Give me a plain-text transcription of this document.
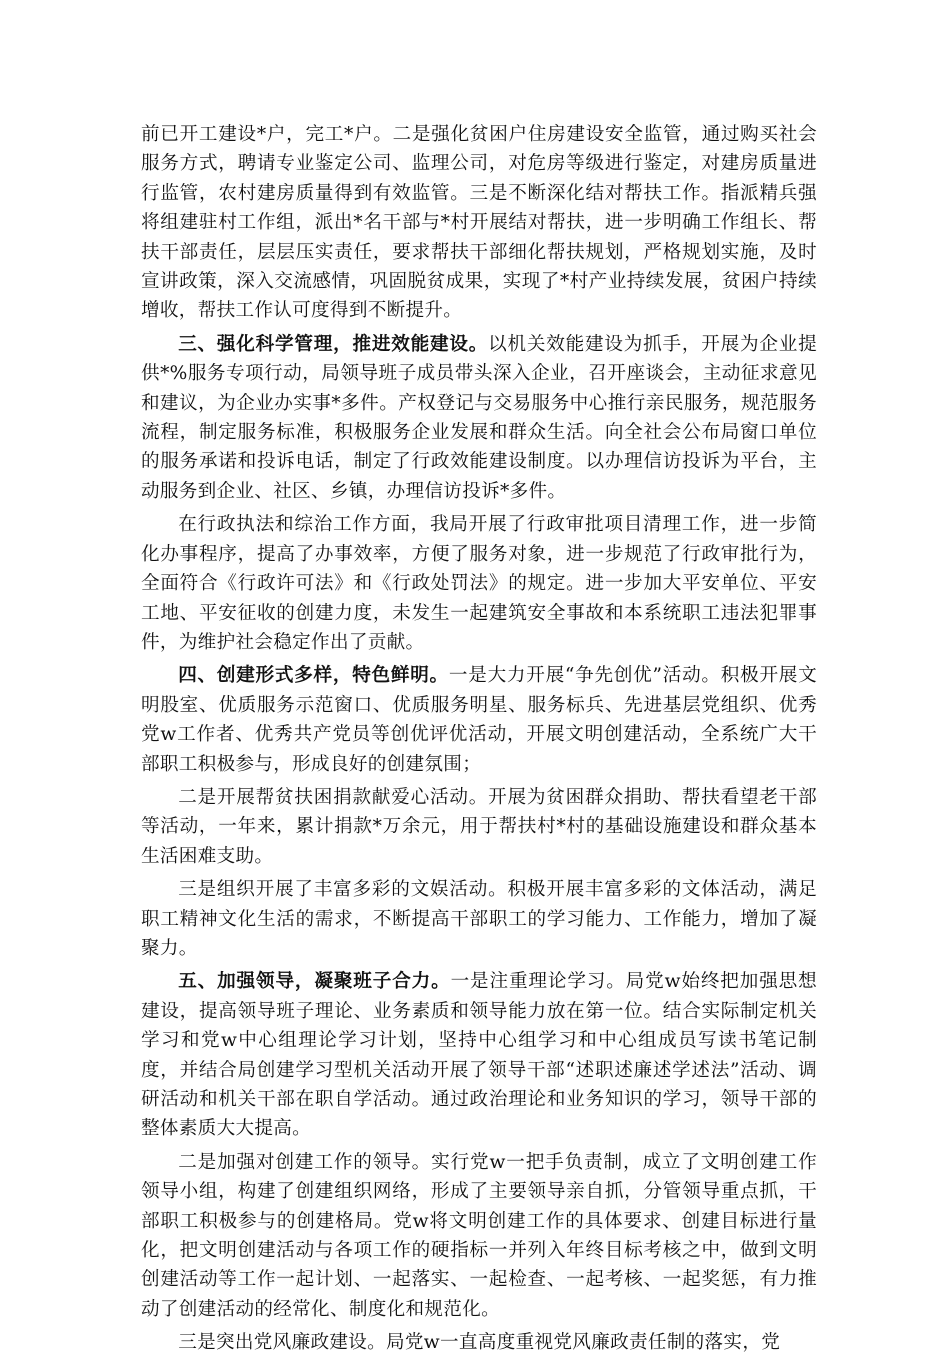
前已开工建设*户，完工*户。二是强化贫困户住房建设安全监管，通过购买社会服务方式，聘请专业鉴定公司、监理公司，对危房等级进行鉴定，对建房质量进行监管，农村建房质量得到有效监管。三是不断深化结对帮扶工作。指派精兵强将组建驻村工作组，派出*名干部与*村开展结对帮扶，进一步明确工作组长、帮扶干部责任，层层压实责任，要求帮扶干部细化帮扶规划，严格规划实施，及时宣讲政策，深入交流感情，巩固脱贫成果，实现了*村产业持续发展，贫困户持续增收，帮扶工作认可度得到不断提升。

三、强化科学管理，推进效能建设。以机关效能建设为抓手，开展为企业提供*%服务专项行动，局领导班子成员带头深入企业，召开座谈会，主动征求意见和建议，为企业办实事*多件。产权登记与交易服务中心推行亲民服务，规范服务流程，制定服务标准，积极服务企业发展和群众生活。向全社会公布局窗口单位的服务承诺和投诉电话，制定了行政效能建设制度。以办理信访投诉为平台，主动服务到企业、社区、乡镇，办理信访投诉*多件。

在行政执法和综治工作方面，我局开展了行政审批项目清理工作，进一步简化办事程序，提高了办事效率，方便了服务对象，进一步规范了行政审批行为，全面符合《行政许可法》和《行政处罚法》的规定。进一步加大平安单位、平安工地、平安征收的创建力度，未发生一起建筑安全事故和本系统职工违法犯罪事件，为维护社会稳定作出了贡献。

四、创建形式多样，特色鲜明。一是大力开展“争先创优”活动。积极开展文明股室、优质服务示范窗口、优质服务明星、服务标兵、先进基层党组织、优秀党w工作者、优秀共产党员等创优评优活动，开展文明创建活动，全系统广大干部职工积极参与，形成良好的创建氛围；

二是开展帮贫扶困捐款献爱心活动。开展为贫困群众捐助、帮扶看望老干部等活动，一年来，累计捐款*万余元，用于帮扶村*村的基础设施建设和群众基本生活困难支助。

三是组织开展了丰富多彩的文娱活动。积极开展丰富多彩的文体活动，满足职工精神文化生活的需求，不断提高干部职工的学习能力、工作能力，增加了凝聚力。

五、加强领导，凝聚班子合力。一是注重理论学习。局党w始终把加强思想建设，提高领导班子理论、业务素质和领导能力放在第一位。结合实际制定机关学习和党w中心组理论学习计划，坚持中心组学习和中心组成员写读书笔记制度，并结合局创建学习型机关活动开展了领导干部“述职述廉述学述法”活动、调研活动和机关干部在职自学活动。通过政治理论和业务知识的学习，领导干部的整体素质大大提高。

二是加强对创建工作的领导。实行党w一把手负责制，成立了文明创建工作领导小组，构建了创建组织网络，形成了主要领导亲自抓，分管领导重点抓，干部职工积极参与的创建格局。党w将文明创建工作的具体要求、创建目标进行量化，把文明创建活动与各项工作的硬指标一并列入年终目标考核之中，做到文明创建活动等工作一起计划、一起落实、一起检查、一起考核、一起奖惩，有力推动了创建活动的经常化、制度化和规范化。

三是突出党风廉政建设。局党w一直高度重视党风廉政责任制的落实，党
